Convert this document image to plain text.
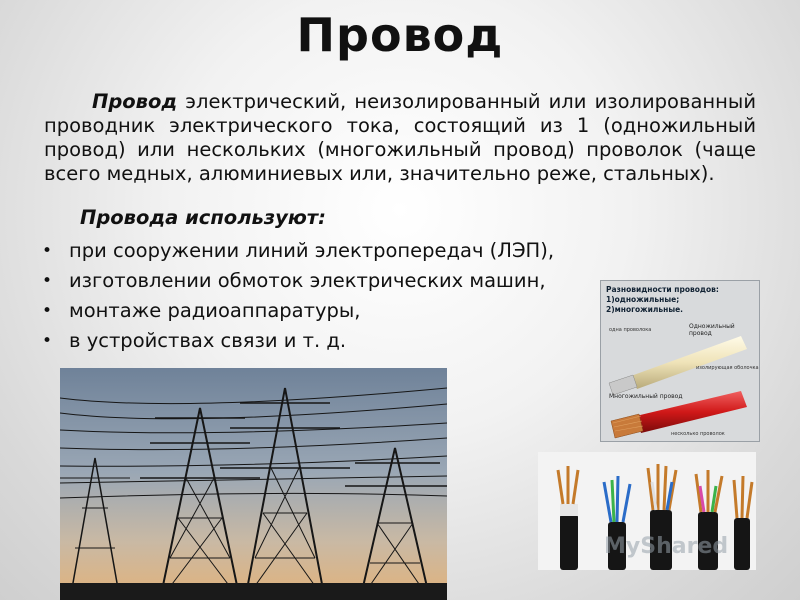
Провод
Провод электрический, неизолированный или изолированный проводник электрического тока, состоящий из 1 (одножильный провод) или нескольких (многожильный провод) проволок (чаще всего медных, алюминиевых или, значительно реже, стальных).
Провода используют:
• при сооружении линий электропередач (ЛЭП),
• изготовлении обмоток электрических машин,
• монтаже радиоаппаратуры,
• в устройствах связи и т. д.
Разновидности проводов:
1)одножильные;
2)многожильные.
одна проволока	Одножильный провод
изолирующая оболочка
Многожильный провод
несколько проволок
MyShared
